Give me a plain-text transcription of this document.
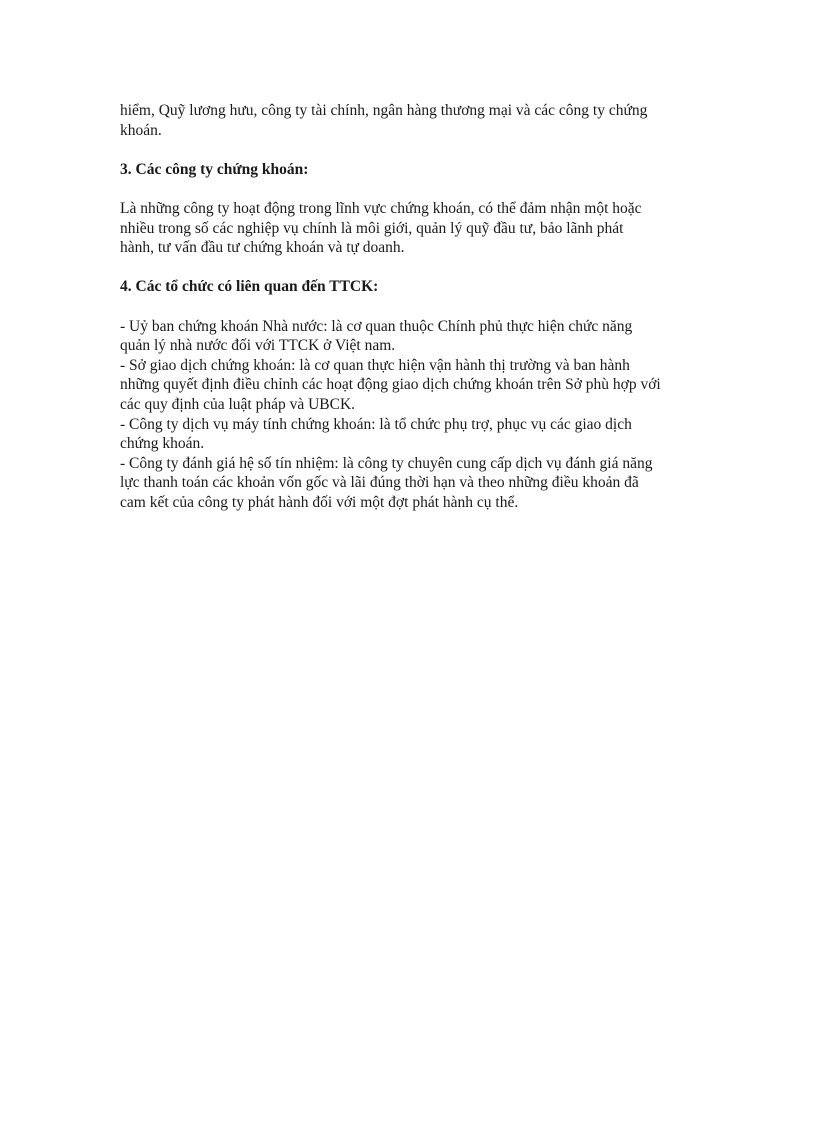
hiểm, Quỹ lương hưu, công ty tài chính, ngân hàng thương mại và các công ty chứng
khoán.

3. Các công ty chứng khoán:

Là những công ty hoạt động trong lĩnh vực chứng khoán, có thể đảm nhận một hoặc
nhiều trong số các nghiệp vụ chính là môi giới, quản lý quỹ đầu tư, bảo lãnh phát
hành, tư vấn đầu tư chứng khoán và tự doanh.

4. Các tổ chức có liên quan đến TTCK:

- Uỷ ban chứng khoán Nhà nước: là cơ quan thuộc Chính phủ thực hiện chức năng
quản lý nhà nước đối với TTCK ở Việt nam.
- Sở giao dịch chứng khoán: là cơ quan thực hiện vận hành thị trường và ban hành
những quyết định điều chỉnh các hoạt động giao dịch chứng khoán trên Sở phù hợp với
các quy định của luật pháp và UBCK.
- Công ty dịch vụ máy tính chứng khoán: là tổ chức phụ trợ, phục vụ các giao dịch
chứng khoán.
- Công ty đánh giá hệ số tín nhiệm: là công ty chuyên cung cấp dịch vụ đánh giá năng
lực thanh toán các khoản vốn gốc và lãi đúng thời hạn và theo những điều khoản đã
cam kết của công ty phát hành đối với một đợt phát hành cụ thể.
